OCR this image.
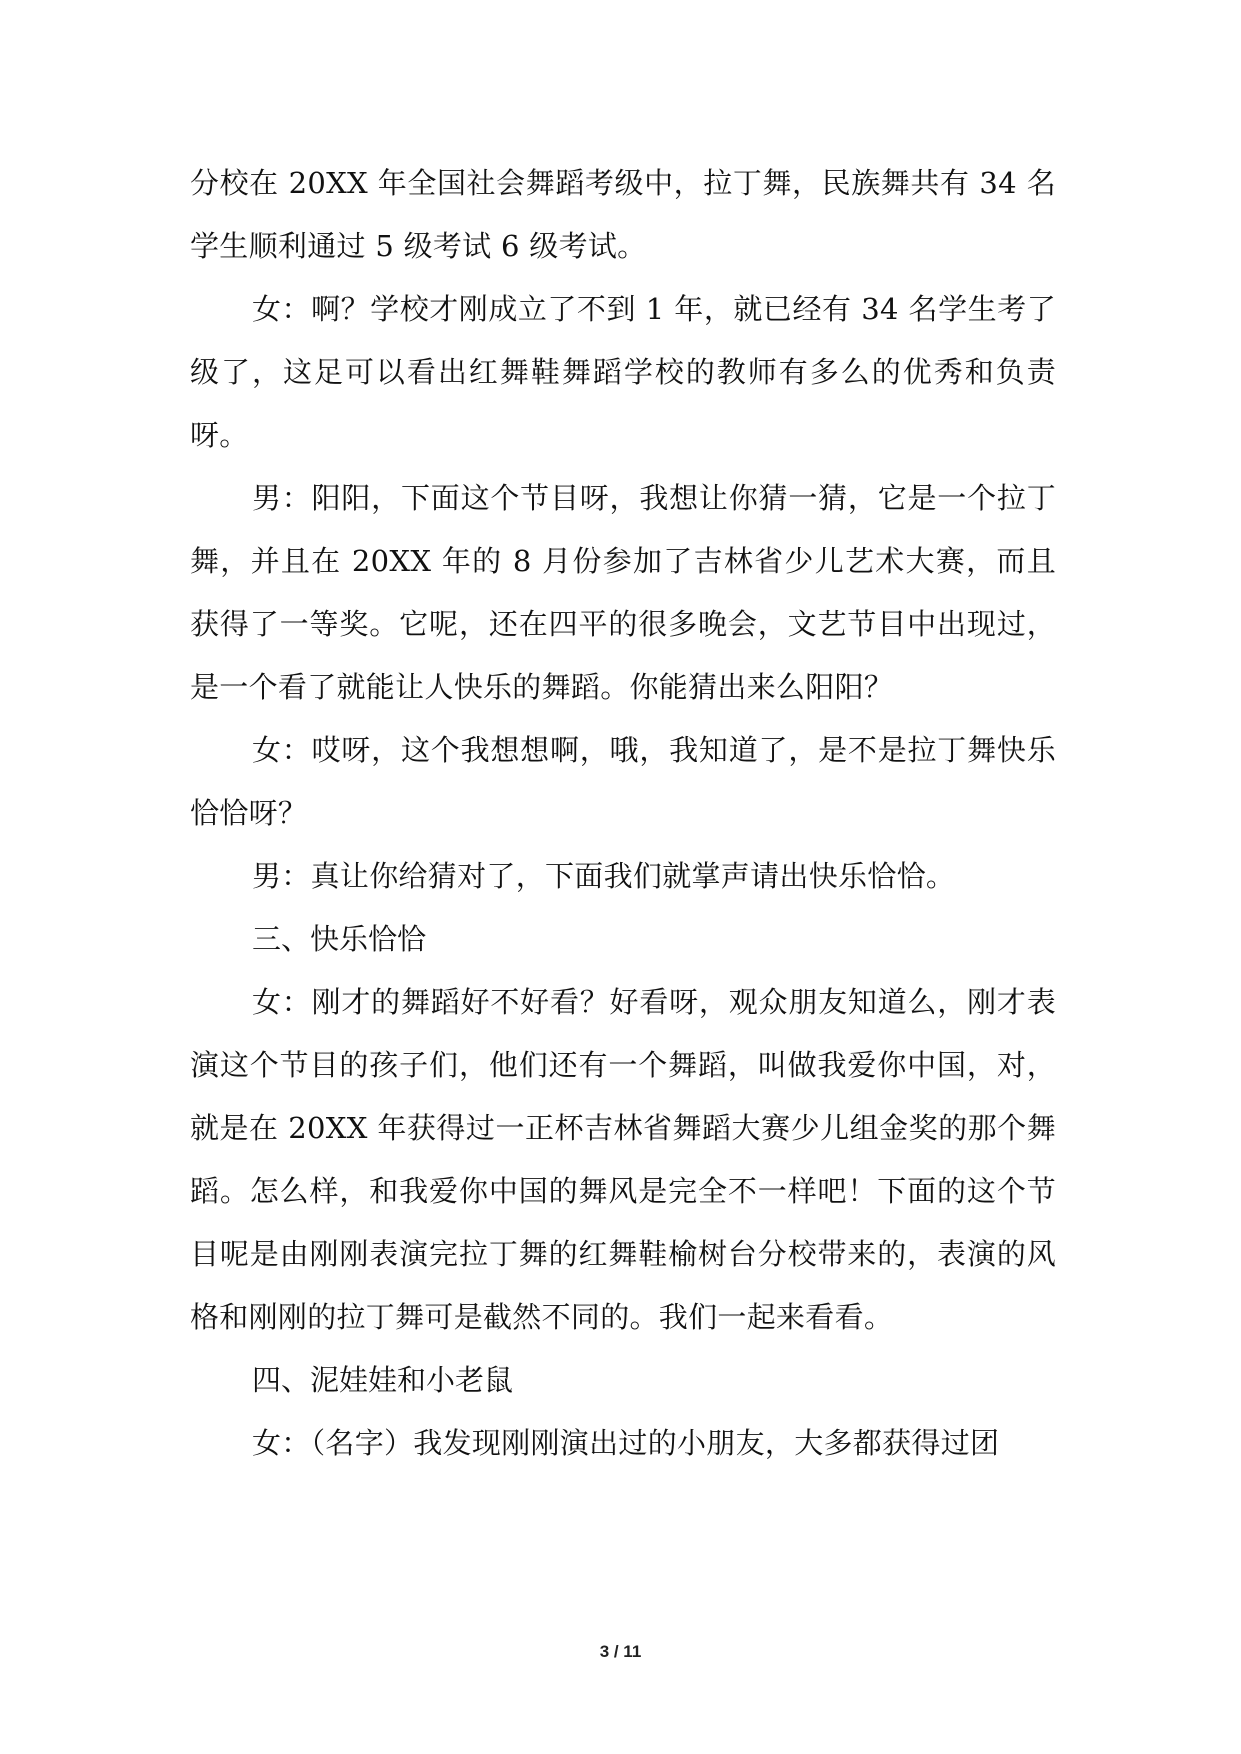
分校在 20XX 年全国社会舞蹈考级中，拉丁舞，民族舞共有 34 名学生顺利通过 5 级考试 6 级考试。

女：啊？学校才刚成立了不到 1 年，就已经有 34 名学生考了级了，这足可以看出红舞鞋舞蹈学校的教师有多么的优秀和负责呀。

男：阳阳，下面这个节目呀，我想让你猜一猜，它是一个拉丁舞，并且在 20XX 年的 8 月份参加了吉林省少儿艺术大赛，而且获得了一等奖。它呢，还在四平的很多晚会，文艺节目中出现过，是一个看了就能让人快乐的舞蹈。你能猜出来么阳阳？

女：哎呀，这个我想想啊，哦，我知道了，是不是拉丁舞快乐恰恰呀？

男：真让你给猜对了，下面我们就掌声请出快乐恰恰。

三、快乐恰恰

女：刚才的舞蹈好不好看？好看呀，观众朋友知道么，刚才表演这个节目的孩子们，他们还有一个舞蹈，叫做我爱你中国，对，就是在 20XX 年获得过一正杯吉林省舞蹈大赛少儿组金奖的那个舞蹈。怎么样，和我爱你中国的舞风是完全不一样吧！下面的这个节目呢是由刚刚表演完拉丁舞的红舞鞋榆树台分校带来的，表演的风格和刚刚的拉丁舞可是截然不同的。我们一起来看看。

四、泥娃娃和小老鼠

女：（名字）我发现刚刚演出过的小朋友，大多都获得过团

3 / 11
